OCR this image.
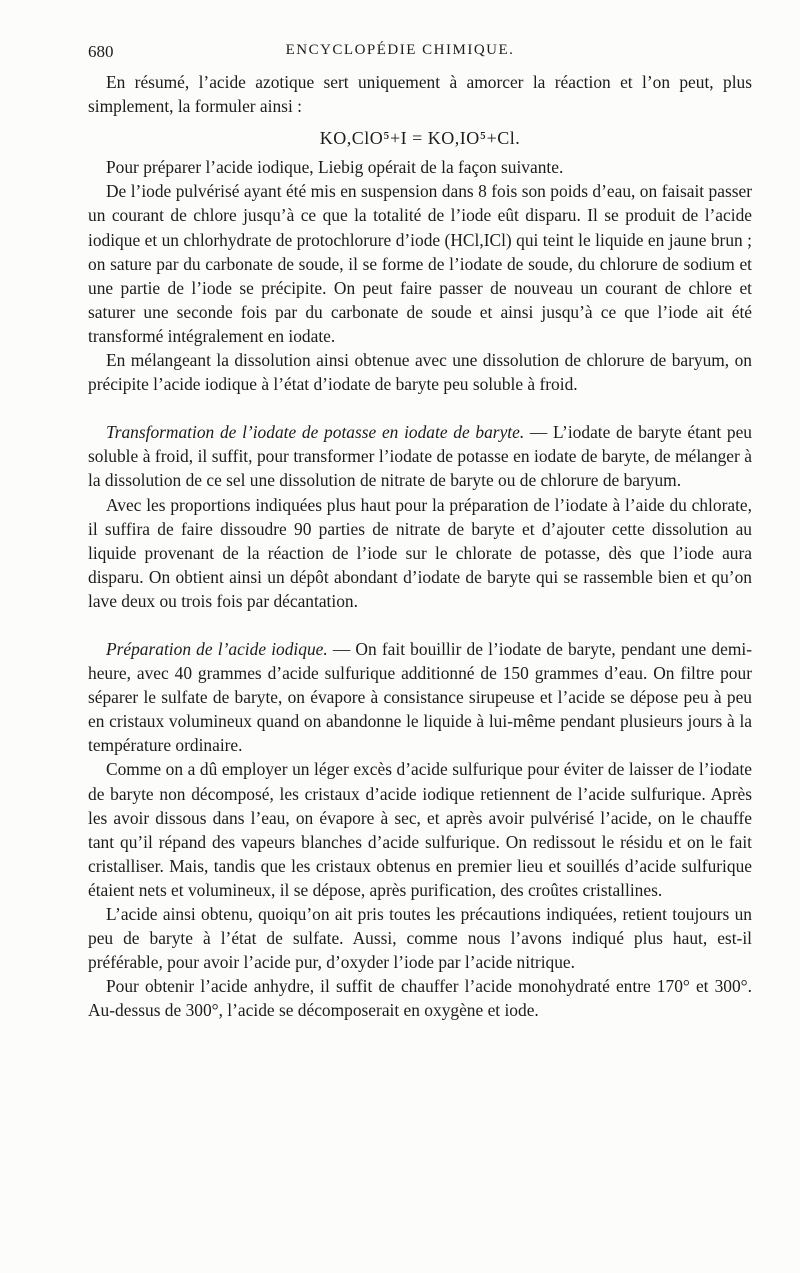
680	ENCYCLOPÉDIE CHIMIQUE.

En résumé, l’acide azotique sert uniquement à amorcer la réaction et l’on peut, plus simplement, la formuler ainsi :

KO,ClO⁵+I = KO,IO⁵+Cl.

Pour préparer l’acide iodique, Liebig opérait de la façon suivante.

De l’iode pulvérisé ayant été mis en suspension dans 8 fois son poids d’eau, on faisait passer un courant de chlore jusqu’à ce que la totalité de l’iode eût disparu. Il se produit de l’acide iodique et un chlorhydrate de protochlorure d’iode (HCl,ICl) qui teint le liquide en jaune brun ; on sature par du carbonate de soude, il se forme de l’iodate de soude, du chlorure de sodium et une partie de l’iode se précipite. On peut faire passer de nouveau un courant de chlore et saturer une seconde fois par du carbonate de soude et ainsi jusqu’à ce que l’iode ait été transformé intégralement en iodate.

En mélangeant la dissolution ainsi obtenue avec une dissolution de chlorure de baryum, on précipite l’acide iodique à l’état d’iodate de baryte peu soluble à froid.

Transformation de l’iodate de potasse en iodate de baryte. — L’iodate de baryte étant peu soluble à froid, il suffit, pour transformer l’iodate de potasse en iodate de baryte, de mélanger à la dissolution de ce sel une dissolution de nitrate de baryte ou de chlorure de baryum.

Avec les proportions indiquées plus haut pour la préparation de l’iodate à l’aide du chlorate, il suffira de faire dissoudre 90 parties de nitrate de baryte et d’ajouter cette dissolution au liquide provenant de la réaction de l’iode sur le chlorate de potasse, dès que l’iode aura disparu. On obtient ainsi un dépôt abondant d’iodate de baryte qui se rassemble bien et qu’on lave deux ou trois fois par décantation.

Préparation de l’acide iodique. — On fait bouillir de l’iodate de baryte, pendant une demi-heure, avec 40 grammes d’acide sulfurique additionné de 150 grammes d’eau. On filtre pour séparer le sulfate de baryte, on évapore à consistance sirupeuse et l’acide se dépose peu à peu en cristaux volumineux quand on abandonne le liquide à lui-même pendant plusieurs jours à la température ordinaire.

Comme on a dû employer un léger excès d’acide sulfurique pour éviter de laisser de l’iodate de baryte non décomposé, les cristaux d’acide iodique retiennent de l’acide sulfurique. Après les avoir dissous dans l’eau, on évapore à sec, et après avoir pulvérisé l’acide, on le chauffe tant qu’il répand des vapeurs blanches d’acide sulfurique. On redissout le résidu et on le fait cristalliser. Mais, tandis que les cristaux obtenus en premier lieu et souillés d’acide sulfurique étaient nets et volumineux, il se dépose, après purification, des croûtes cristallines.

L’acide ainsi obtenu, quoiqu’on ait pris toutes les précautions indiquées, retient toujours un peu de baryte à l’état de sulfate. Aussi, comme nous l’avons indiqué plus haut, est-il préférable, pour avoir l’acide pur, d’oxyder l’iode par l’acide nitrique.

Pour obtenir l’acide anhydre, il suffit de chauffer l’acide monohydraté entre 170° et 300°. Au-dessus de 300°, l’acide se décomposerait en oxygène et iode.
